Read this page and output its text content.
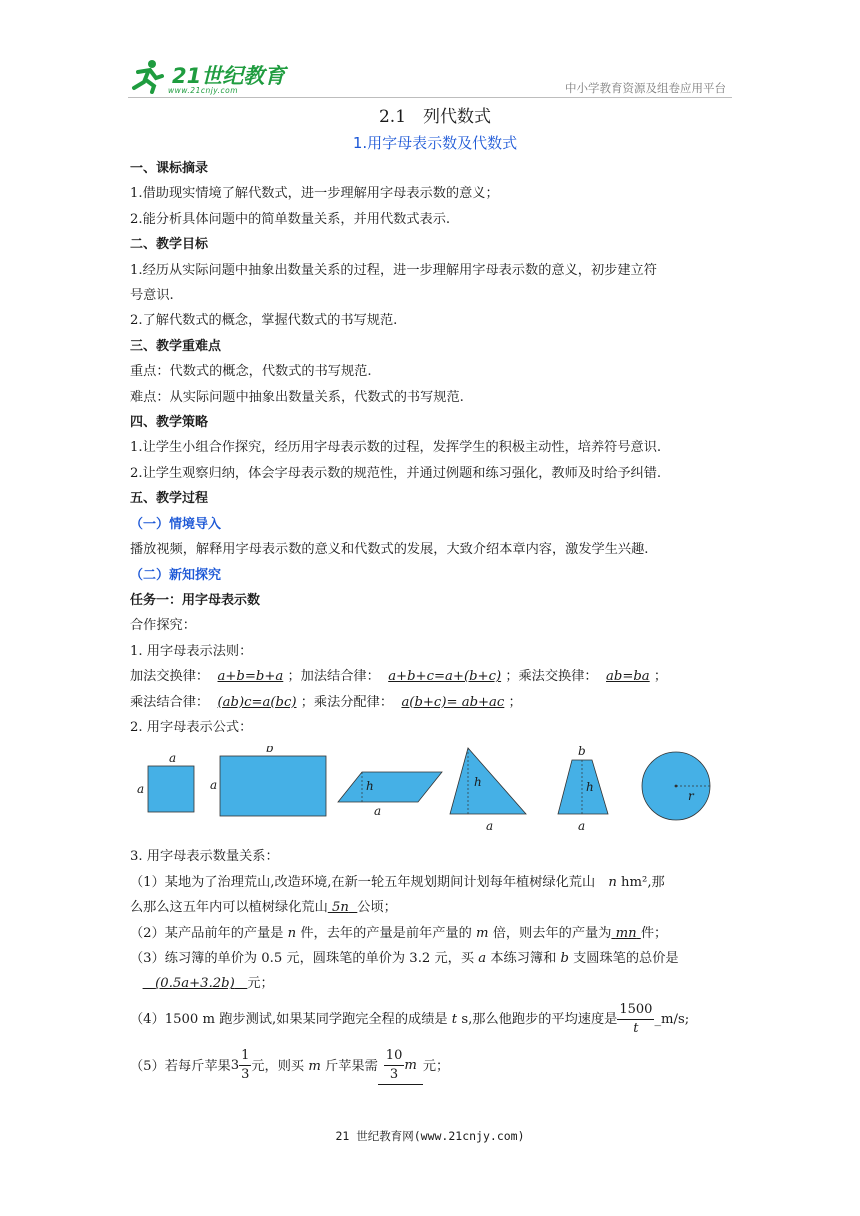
21世纪教育
www.21cnjy.com	中小学教育资源及组卷应用平台

2.1　列代数式

1.用字母表示数及代数式

一、课标摘录

1.借助现实情境了解代数式，进一步理解用字母表示数的意义；

2.能分析具体问题中的简单数量关系，并用代数式表示.

二、教学目标

1.经历从实际问题中抽象出数量关系的过程，进一步理解用字母表示数的意义，初步建立符

号意识.

2.了解代数式的概念，掌握代数式的书写规范.

三、教学重难点

重点：代数式的概念，代数式的书写规范.

难点：从实际问题中抽象出数量关系，代数式的书写规范.

四、教学策略

1.让学生小组合作探究，经历用字母表示数的过程，发挥学生的积极主动性，培养符号意识.

2.让学生观察归纳，体会字母表示数的规范性，并通过例题和练习强化，教师及时给予纠错.

五、教学过程

（一）情境导入

播放视频，解释用字母表示数的意义和代数式的发展，大致介绍本章内容，激发学生兴趣.

（二）新知探究

任务一：用字母表示数

合作探究：

1. 用字母表示法则：

加法交换律： a+b=b+a ；加法结合律： a+b+c=a+(b+c) ；乘法交换律： ab=ba ；

乘法结合律： (ab)c=a(bc) ；乘法分配律： a(b+c)= ab+ac ；

2. 用字母表示公式：

a
a
b
a	h
a
h
a
b
h
a
r

3. 用字母表示数量关系：

（1）某地为了治理荒山,改造环境,在新一轮五年规划期间计划每年植树绿化荒山　n hm²,那

么那么这五年内可以植树绿化荒山 5n 公顷；

（2）某产品前年的产量是 n 件，去年的产量是前年产量的 m 倍，则去年的产量为 mn 件；

（3）练习簿的单价为 0.5 元，圆珠笔的单价为 3.2 元，买 a 本练习簿和 b 支圆珠笔的总价是

(0.5a+3.2b) 元；

（4）1500 m 跑步测试,如果某同学跑完全程的成绩是 t s,那么他跑步的平均速度是 $\frac{1500}{t}$ _m/s;

（5）若每斤苹果$3 \frac{1}{3}$ 元，则买 m 斤苹果需 $\frac{10}{3}$ m 元；

21 世纪教育网(www.21cnjy.com)
